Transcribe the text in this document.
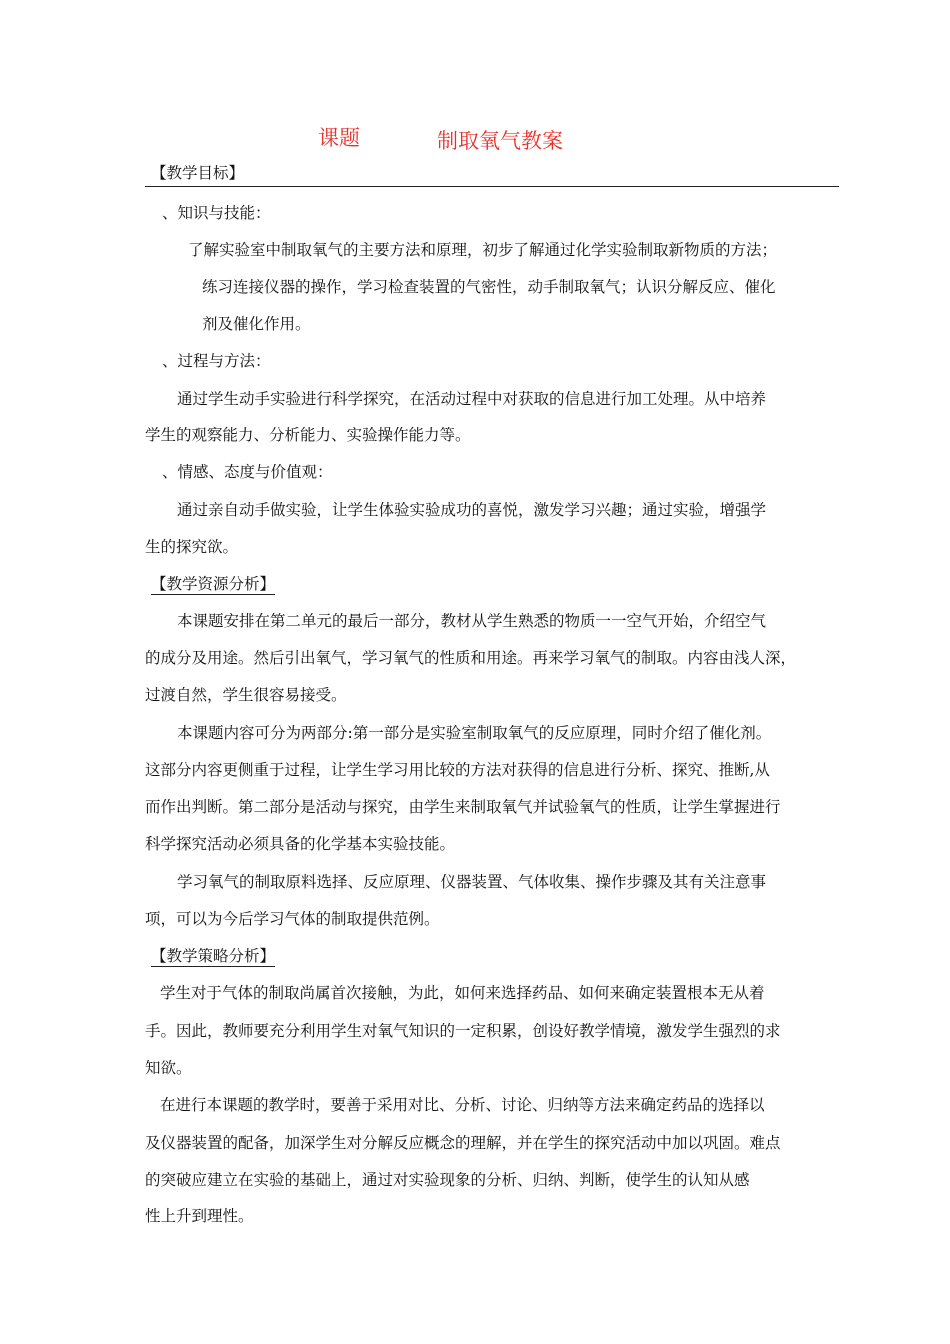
课题	制取氧气教案
【教学目标】
、知识与技能：
了解实验室中制取氧气的主要方法和原理，初步了解通过化学实验制取新物质的方法；
练习连接仪器的操作，学习检查装置的气密性，动手制取氧气；认识分解反应、催化
剂及催化作用。
、过程与方法：
通过学生动手实验进行科学探究，在活动过程中对获取的信息进行加工处理。从中培养
学生的观察能力、分析能力、实验操作能力等。
、情感、态度与价值观：
通过亲自动手做实验，让学生体验实验成功的喜悦，激发学习兴趣；通过实验，增强学
生的探究欲。
【教学资源分析】
本课题安排在第二单元的最后一部分，教材从学生熟悉的物质一一空气开始，介绍空气
的成分及用途。然后引出氧气，学习氧气的性质和用途。再来学习氧气的制取。内容由浅人深，
过渡自然，学生很容易接受。
本课题内容可分为两部分:第一部分是实验室制取氧气的反应原理，同时介绍了催化剂。
这部分内容更侧重于过程，让学生学习用比较的方法对获得的信息进行分析、探究、推断,从
而作出判断。第二部分是活动与探究，由学生来制取氧气并试验氧气的性质，让学生掌握进行
科学探究活动必须具备的化学基本实验技能。
学习氧气的制取原料选择、反应原理、仪器装置、气体收集、操作步骤及其有关注意事
项，可以为今后学习气体的制取提供范例。
【教学策略分析】
学生对于气体的制取尚属首次接触，为此，如何来选择药品、如何来确定装置根本无从着
手。因此，教师要充分利用学生对氧气知识的一定积累，创设好教学情境，激发学生强烈的求
知欲。
在进行本课题的教学时，要善于采用对比、分析、讨论、归纳等方法来确定药品的选择以
及仪器装置的配备，加深学生对分解反应概念的理解，并在学生的探究活动中加以巩固。难点
的突破应建立在实验的基础上，通过对实验现象的分析、归纳、判断，使学生的认知从感
性上升到理性。
